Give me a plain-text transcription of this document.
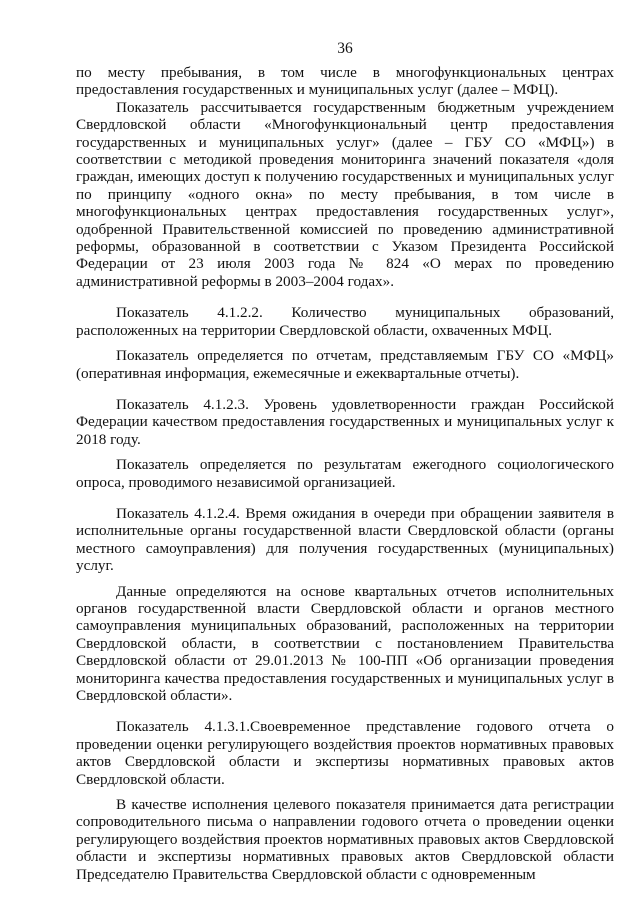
36

по месту пребывания, в том числе в многофункциональных центрах предоставления государственных и муниципальных услуг (далее – МФЦ).

Показатель рассчитывается государственным бюджетным учреждением Свердловской области «Многофункциональный центр предоставления государственных и муниципальных услуг» (далее – ГБУ СО «МФЦ») в соответствии с методикой проведения мониторинга значений показателя «доля граждан, имеющих доступ к получению государственных и муниципальных услуг по принципу «одного окна» по месту пребывания, в том числе в многофункциональных центрах предоставления государственных услуг», одобренной Правительственной комиссией по проведению административной реформы, образованной в соответствии с Указом Президента Российской Федерации от 23 июля 2003 года № 824 «О мерах по проведению административной реформы в 2003–2004 годах».

Показатель 4.1.2.2. Количество муниципальных образований, расположенных на территории Свердловской области, охваченных МФЦ.

Показатель определяется по отчетам, представляемым ГБУ СО «МФЦ» (оперативная информация, ежемесячные и ежеквартальные отчеты).

Показатель 4.1.2.3. Уровень удовлетворенности граждан Российской Федерации качеством предоставления государственных и муниципальных услуг к 2018 году.

Показатель определяется по результатам ежегодного социологического опроса, проводимого независимой организацией.

Показатель 4.1.2.4. Время ожидания в очереди при обращении заявителя в исполнительные органы государственной власти Свердловской области (органы местного самоуправления) для получения государственных (муниципальных) услуг.

Данные определяются на основе квартальных отчетов исполнительных органов государственной власти Свердловской области и органов местного самоуправления муниципальных образований, расположенных на территории Свердловской области, в соответствии с постановлением Правительства Свердловской области от 29.01.2013 № 100-ПП «Об организации проведения мониторинга качества предоставления государственных и муниципальных услуг в Свердловской области».

Показатель 4.1.3.1.Своевременное представление годового отчета о проведении оценки регулирующего воздействия проектов нормативных правовых актов Свердловской области и экспертизы нормативных правовых актов Свердловской области.

В качестве исполнения целевого показателя принимается дата регистрации сопроводительного письма о направлении годового отчета о проведении оценки регулирующего воздействия проектов нормативных правовых актов Свердловской области и экспертизы нормативных правовых актов Свердловской области Председателю Правительства Свердловской области с одновременным
